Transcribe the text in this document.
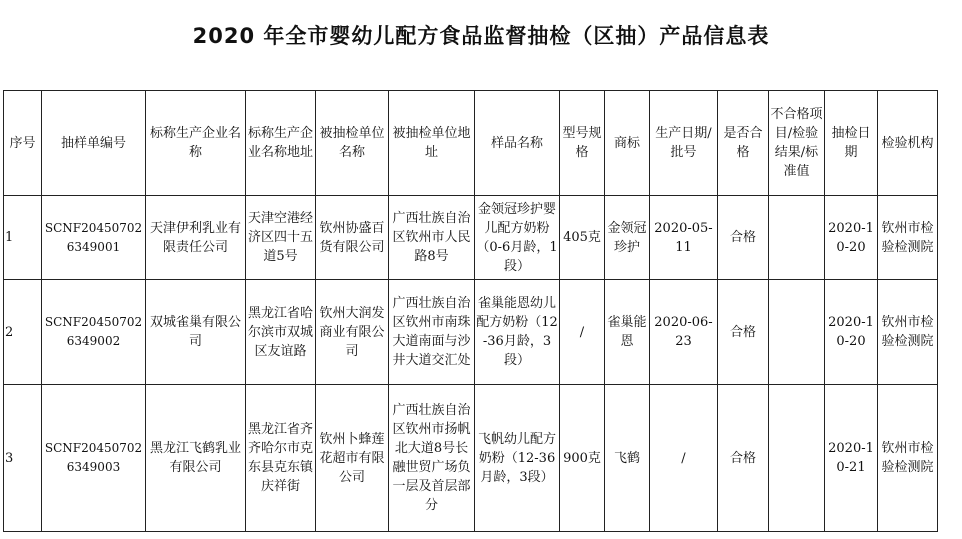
2020 年全市婴幼儿配方食品监督抽检（区抽）产品信息表
序号	抽样单编号	标称生产企业名称	标称生产企业名称地址	被抽检单位名称	被抽检单位地址	样品名称	型号规格	商标	生产日期/批号	是否合格	不合格项目/检验结果/标准值	抽检日期	检验机构
1	SCNF204507026349001	天津伊利乳业有限责任公司	天津空港经济区四十五道5号	钦州协盛百货有限公司	广西壮族自治区钦州市人民路8号	金领冠珍护婴儿配方奶粉（0-6月龄，1段）	405克	金领冠珍护	2020-05-11	合格		2020-10-20	钦州市检验检测院
2	SCNF204507026349002	双城雀巢有限公司	黑龙江省哈尔滨市双城区友谊路	钦州大润发商业有限公司	广西壮族自治区钦州市南珠大道南面与沙井大道交汇处	雀巢能恩幼儿配方奶粉（12-36月龄，3段）	/	雀巢能恩	2020-06-23	合格		2020-10-20	钦州市检验检测院
3	SCNF204507026349003	黑龙江飞鹤乳业有限公司	黑龙江省齐齐哈尔市克东县克东镇庆祥街	钦州卜蜂莲花超市有限公司	广西壮族自治区钦州市扬帆北大道8号长融世贸广场负一层及首层部分	飞帆幼儿配方奶粉（12-36月龄，3段）	900克	飞鹤	/	合格		2020-10-21	钦州市检验检测院
